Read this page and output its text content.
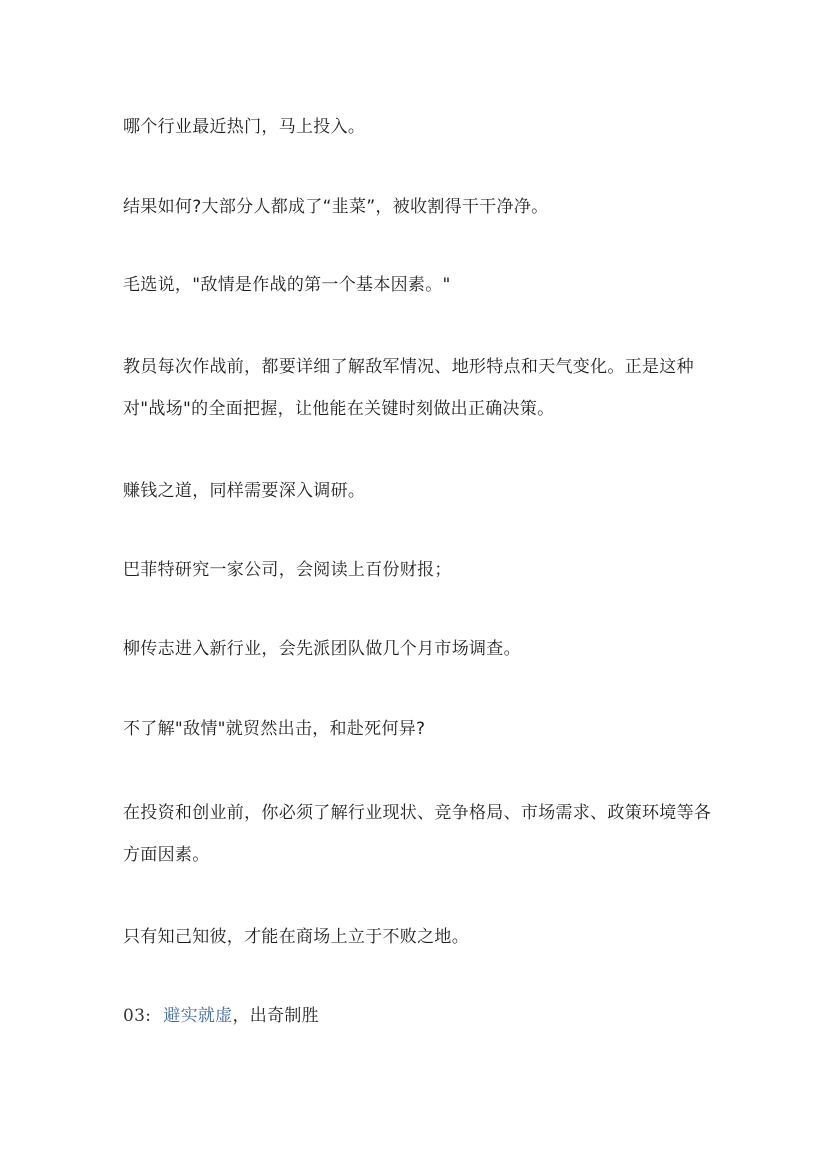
哪个行业最近热门，马上投入。

结果如何?大部分人都成了“韭菜”，被收割得干干净净。

毛选说，"敌情是作战的第一个基本因素。"

教员每次作战前，都要详细了解敌军情况、地形特点和天气变化。正是这种对"战场"的全面把握，让他能在关键时刻做出正确决策。

赚钱之道，同样需要深入调研。

巴菲特研究一家公司，会阅读上百份财报；

柳传志进入新行业，会先派团队做几个月市场调查。

不了解"敌情"就贸然出击，和赴死何异?

在投资和创业前，你必须了解行业现状、竞争格局、市场需求、政策环境等各方面因素。

只有知己知彼，才能在商场上立于不败之地。

03: 避实就虚，出奇制胜
